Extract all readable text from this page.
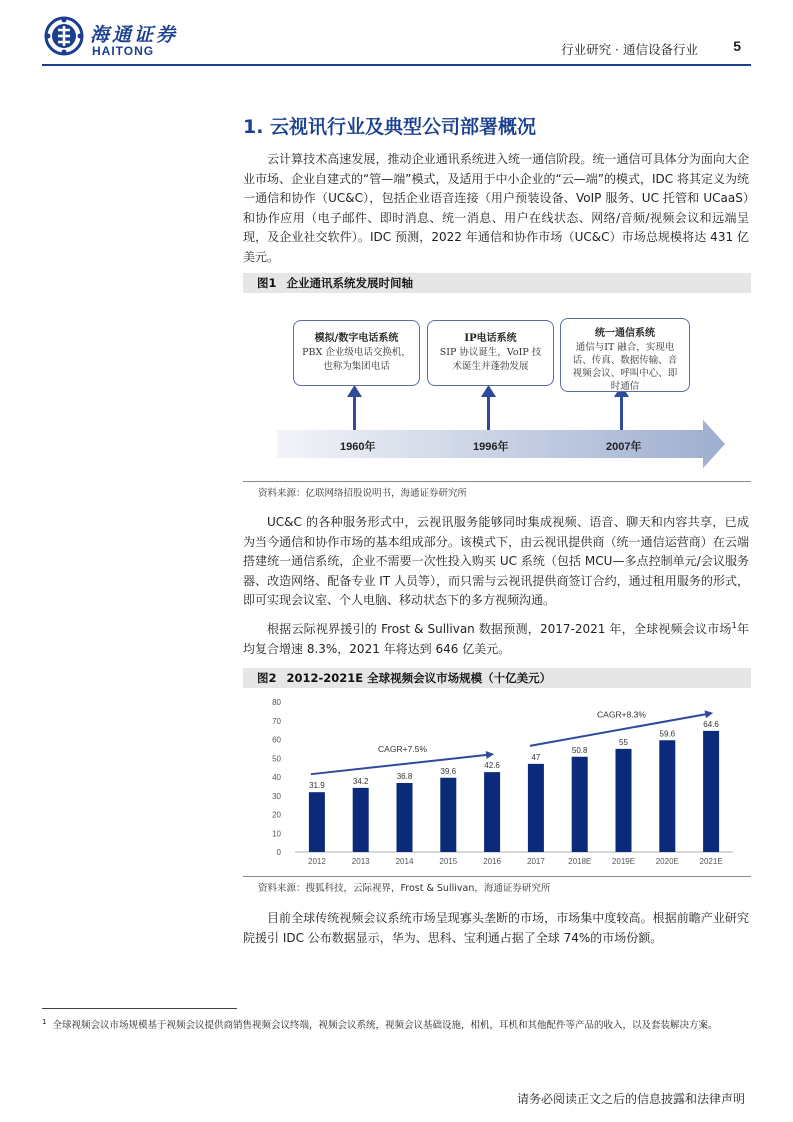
海通证券
HAITONG	行业研究 · 通信设备行业	5
1. 云视讯行业及典型公司部署概况

云计算技术高速发展，推动企业通讯系统进入统一通信阶段。统一通信可具体分为面向大企业市场、企业自建式的“管—端”模式，及适用于中小企业的“云—端”的模式，IDC 将其定义为统一通信和协作（UC&C），包括企业语音连接（用户预装设备、VoIP 服务、UC 托管和 UCaaS）和协作应用（电子邮件、即时消息、统一消息、用户在线状态、网络/音频/视频会议和远端呈现，及企业社交软件）。IDC 预测，2022 年通信和协作市场（UC&C）市场总规模将达 431 亿美元。

图1 企业通讯系统发展时间轴
模拟/数字电话系统
PBX 企业级电话交换机，也称为集团电话
IP电话系统
SIP 协议诞生，VoIP 技术诞生并蓬勃发展
统一通信系统
通信与IT 融合，实现电话、传真、数据传输、音视频会议、呼叫中心、即时通信
1960年	1996年	2007年
资料来源：亿联网络招股说明书，海通证券研究所

UC&C 的各种服务形式中，云视讯服务能够同时集成视频、语音、聊天和内容共享，已成为当今通信和协作市场的基本组成部分。该模式下，由云视讯提供商（统一通信运营商）在云端搭建统一通信系统，企业不需要一次性投入购买 UC 系统（包括 MCU—多点控制单元/会议服务器、改造网络、配备专业 IT 人员等），而只需与云视讯提供商签订合约，通过租用服务的形式，即可实现会议室、个人电脑、移动状态下的多方视频沟通。

根据云际视界援引的 Frost & Sullivan 数据预测，2017-2021 年，全球视频会议市场$^1$年均复合增速 8.3%，2021 年将达到 646 亿美元。

图2 2012-2021E 全球视频会议市场规模（十亿美元）
0
10
20
30
40
50
60
70
80
31.9
2012
34.2
2013
36.8
2014
39.6
2015
42.6
2016
47
2017
50.8
2018E
55
2019E
59.6
2020E
64.6
2021E
CAGR+7.5%
CAGR+8.3%
资料来源：搜狐科技，云际视界，Frost & Sullivan，海通证券研究所

目前全球传统视频会议系统市场呈现寡头垄断的市场，市场集中度较高。根据前瞻产业研究院援引 IDC 公布数据显示，华为、思科、宝利通占据了全球 74%的市场份额。

$^1$ 全球视频会议市场规模基于视频会议提供商销售视频会议终端，视频会议系统，视频会议基础设施，相机，耳机和其他配件等产品的收入，以及套装解决方案。
请务必阅读正文之后的信息披露和法律声明
